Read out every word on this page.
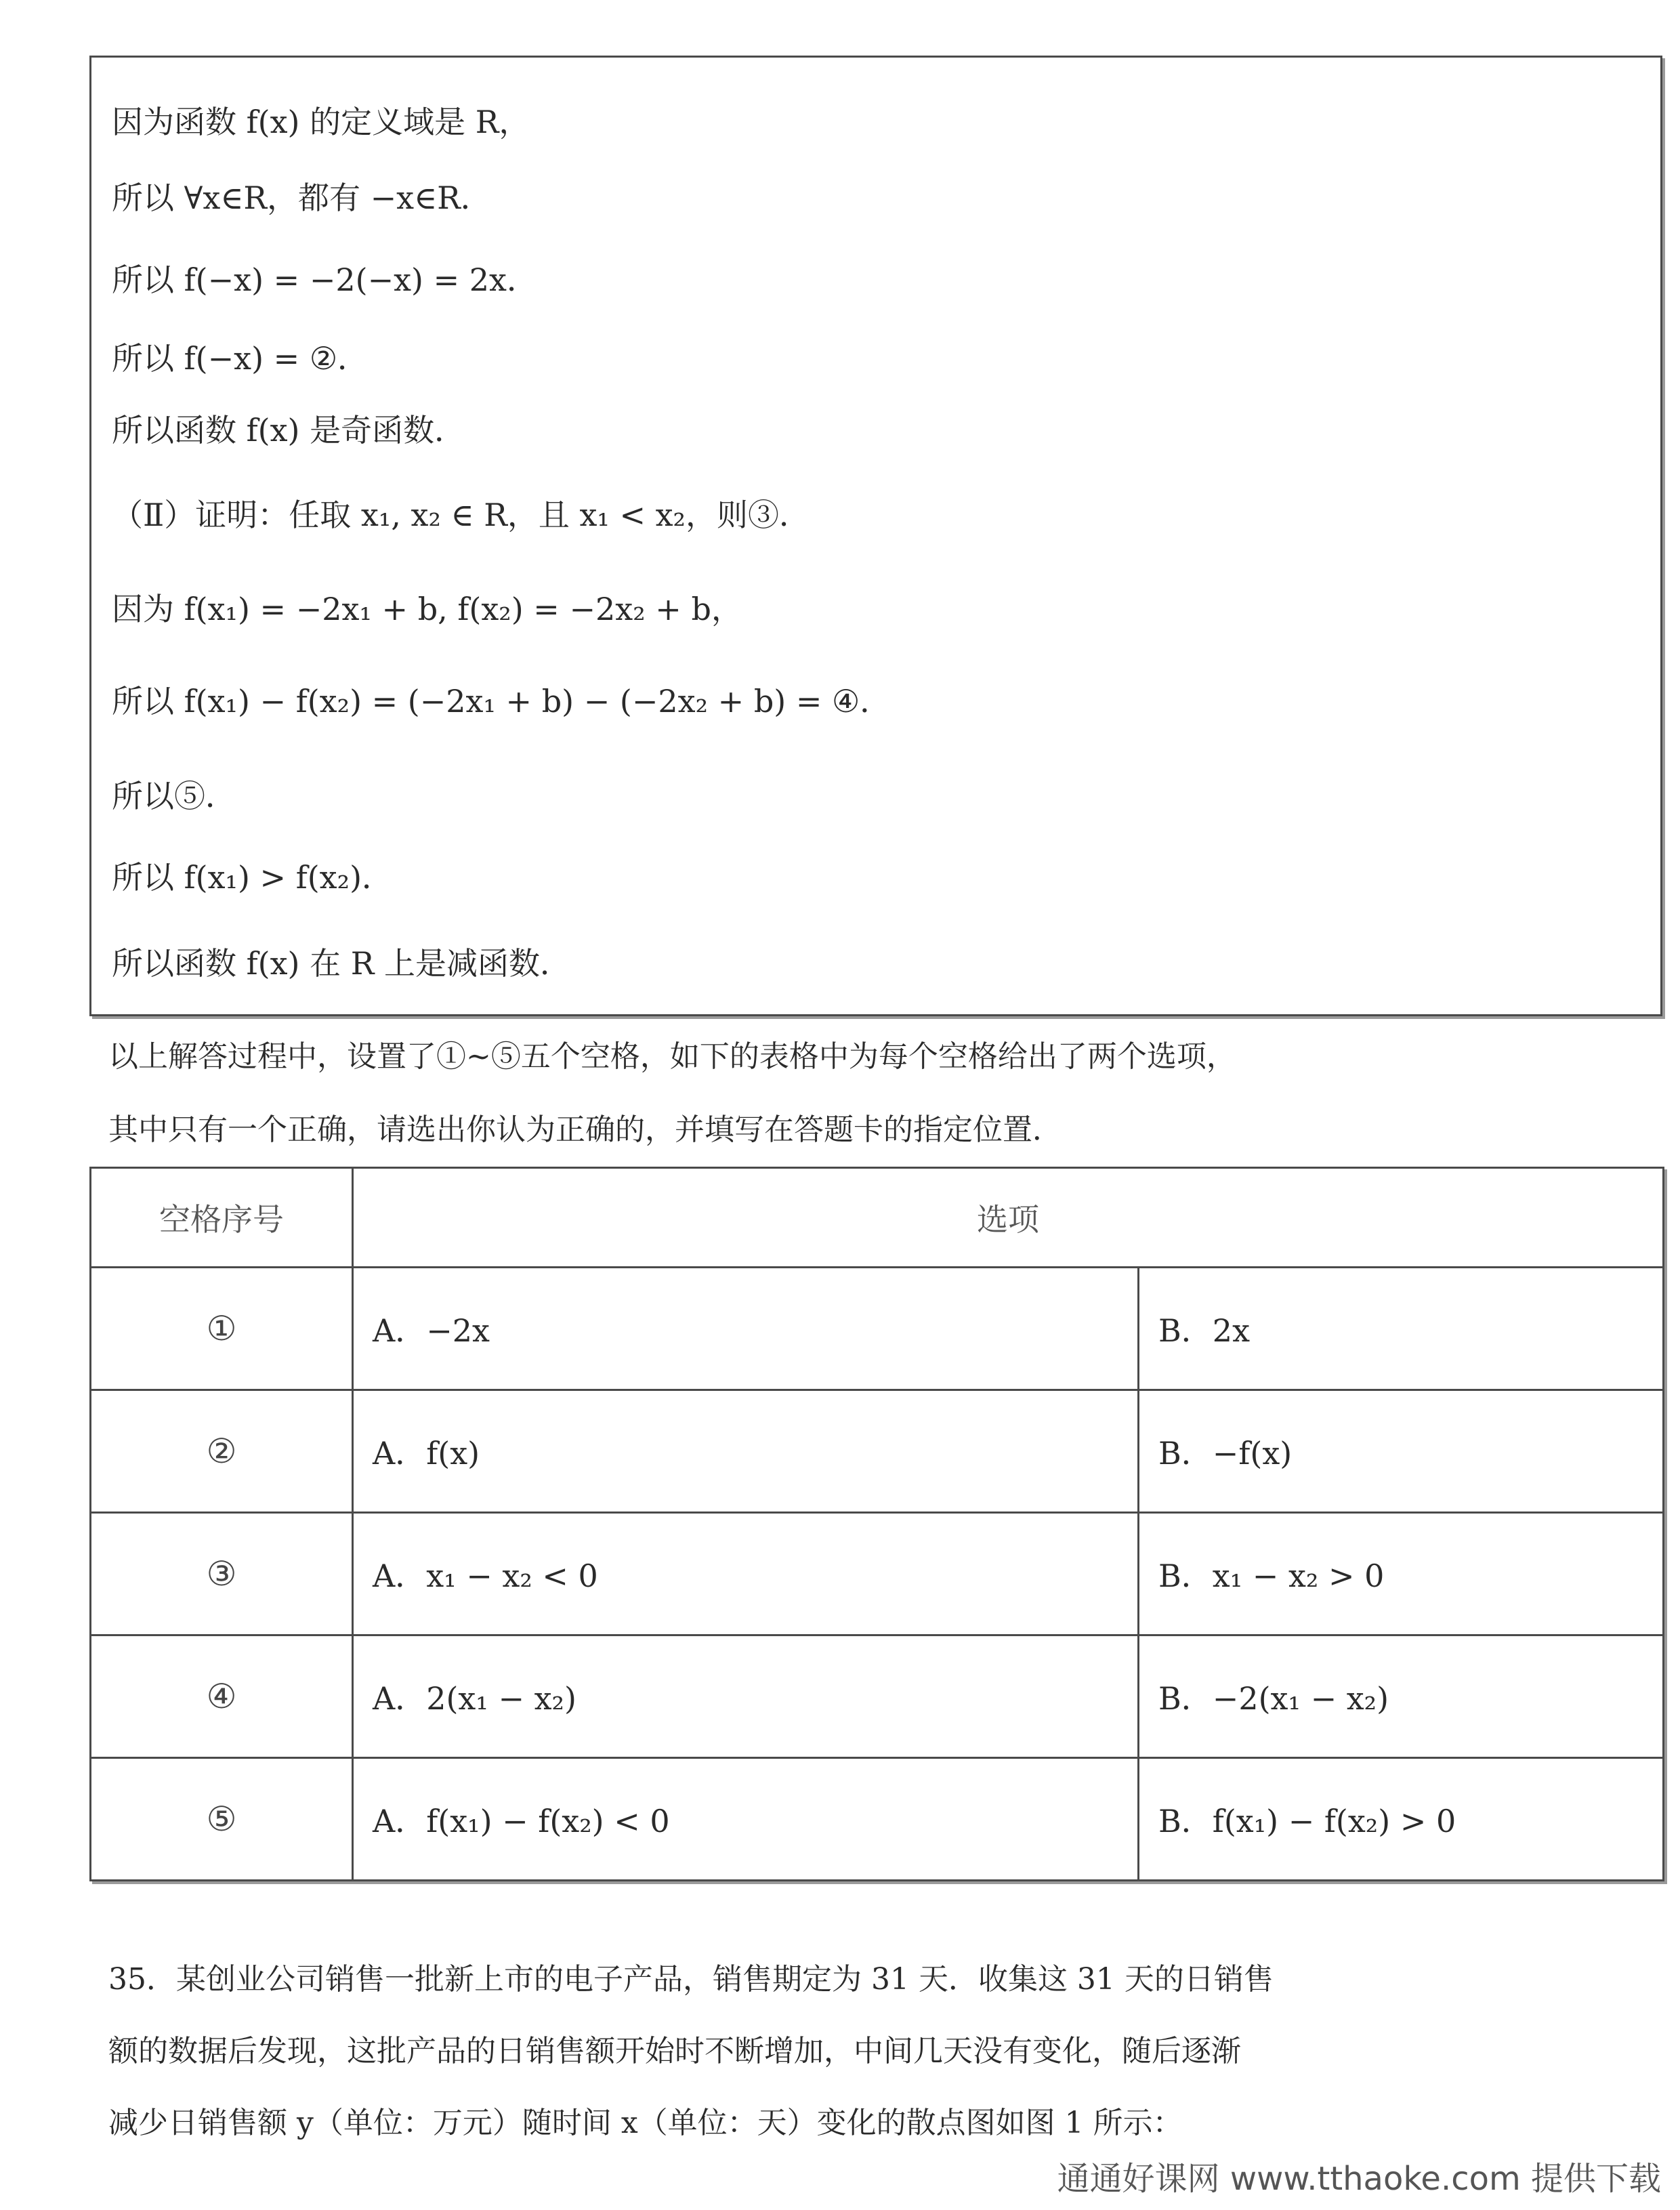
因为函数 f(x) 的定义域是 R，
所以 ∀x∈R，都有 −x∈R．
所以 f(−x) = −2(−x) = 2x．
所以 f(−x) = ②．
所以函数 f(x) 是奇函数．
（Ⅱ）证明：任取 x₁, x₂ ∈ R，且 x₁ < x₂，则③．
因为 f(x₁) = −2x₁ + b, f(x₂) = −2x₂ + b，
所以 f(x₁) − f(x₂) = (−2x₁ + b) − (−2x₂ + b) = ④．
所以⑤．
所以 f(x₁) > f(x₂)．
所以函数 f(x) 在 R 上是减函数．
以上解答过程中，设置了①~⑤五个空格，如下的表格中为每个空格给出了两个选项，
其中只有一个正确，请选出你认为正确的，并填写在答题卡的指定位置．
空格序号	选项	
①	A．−2x	B．2x
②	A．f(x)	B．−f(x)
③	A．x₁ − x₂ < 0	B．x₁ − x₂ > 0
④	A．2(x₁ − x₂)	B．−2(x₁ − x₂)
⑤	A．f(x₁) − f(x₂) < 0	B．f(x₁) − f(x₂) > 0
35．某创业公司销售一批新上市的电子产品，销售期定为 31 天．收集这 31 天的日销售
额的数据后发现，这批产品的日销售额开始时不断增加，中间几天没有变化，随后逐渐
减少日销售额 y（单位：万元）随时间 x（单位：天）变化的散点图如图 1 所示：
通通好课网 www.tthaoke.com 提供下载
